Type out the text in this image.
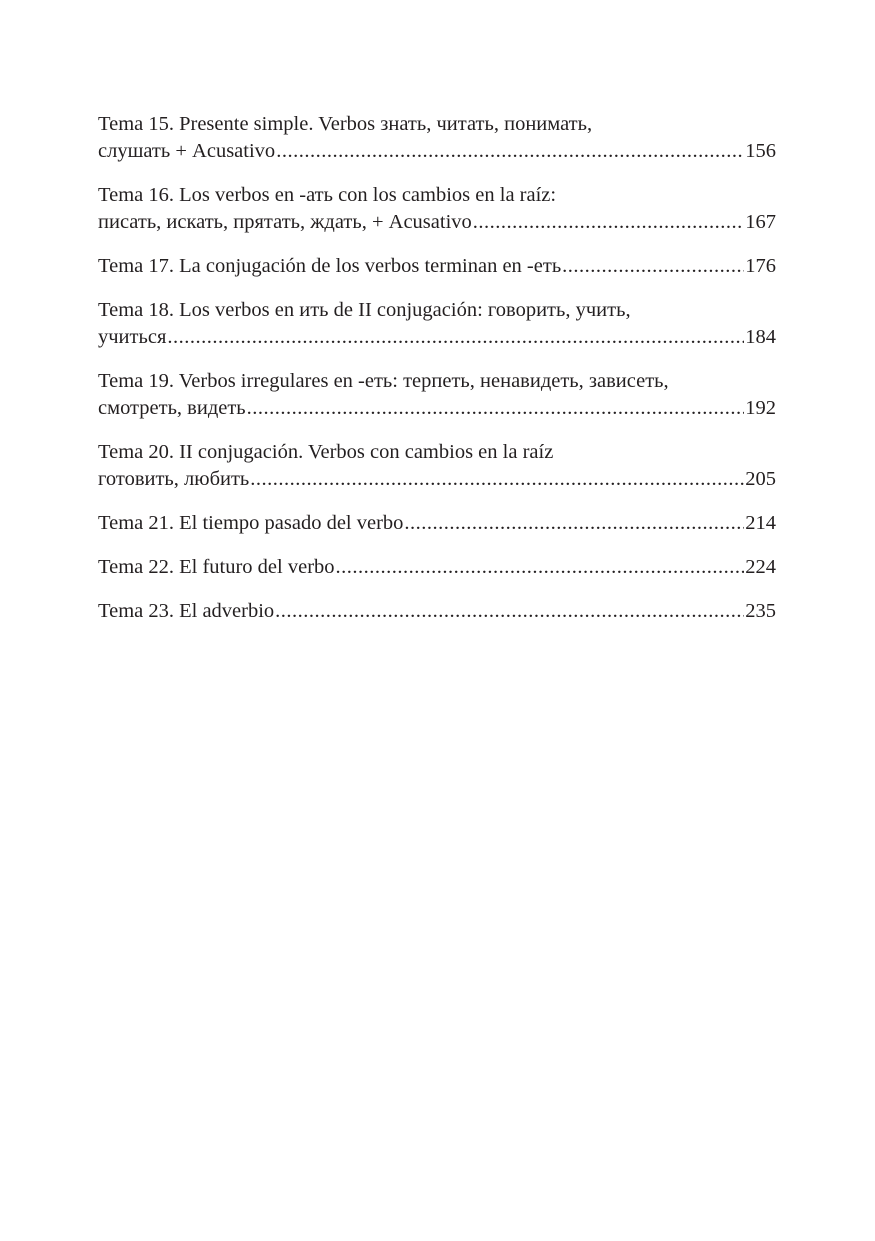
Tema 15. Presente simple. Verbos знать, читать, понимать,
слушать + Acusativo .....	156
Tema 16. Los verbos en -ать con los cambios en la raíz:
писать, искать, прятать, ждать, + Acusativo .....	167
Tema 17. La conjugación de los verbos terminan en -еть .....	176
Tema 18. Los verbos en ить de II conjugación: говорить, учить,
учиться .....	184
Tema 19. Verbos irregulares en -еть: терпеть, ненавидеть, зависеть,
смотреть, видеть .....	192
Tema 20. II conjugación. Verbos con cambios en la raíz
готовить, любить .....	205
Tema 21. El tiempo pasado del verbo .....	214
Tema 22. El futuro del verbo .....	224
Tema 23. El adverbio .....	235
